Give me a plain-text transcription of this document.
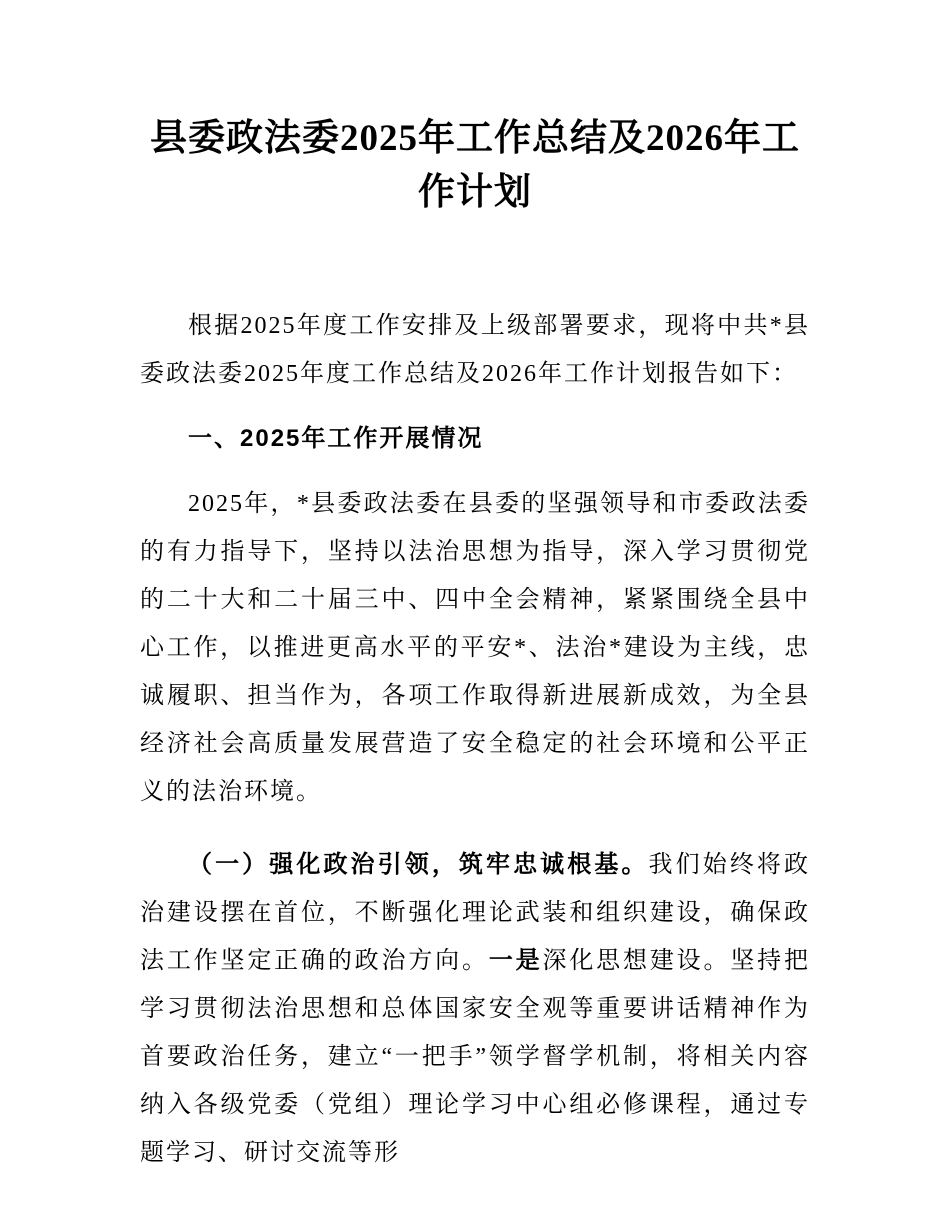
县委政法委2025年工作总结及2026年工作计划

根据2025年度工作安排及上级部署要求，现将中共*县委政法委2025年度工作总结及2026年工作计划报告如下：

一、2025年工作开展情况

2025年，*县委政法委在县委的坚强领导和市委政法委的有力指导下，坚持以法治思想为指导，深入学习贯彻党的二十大和二十届三中、四中全会精神，紧紧围绕全县中心工作，以推进更高水平的平安*、法治*建设为主线，忠诚履职、担当作为，各项工作取得新进展新成效，为全县经济社会高质量发展营造了安全稳定的社会环境和公平正义的法治环境。

（一）强化政治引领，筑牢忠诚根基。我们始终将政治建设摆在首位，不断强化理论武装和组织建设，确保政法工作坚定正确的政治方向。一是深化思想建设。坚持把学习贯彻法治思想和总体国家安全观等重要讲话精神作为首要政治任务，建立“一把手”领学督学机制，将相关内容纳入各级党委（党组）理论学习中心组必修课程，通过专题学习、研讨交流等形
